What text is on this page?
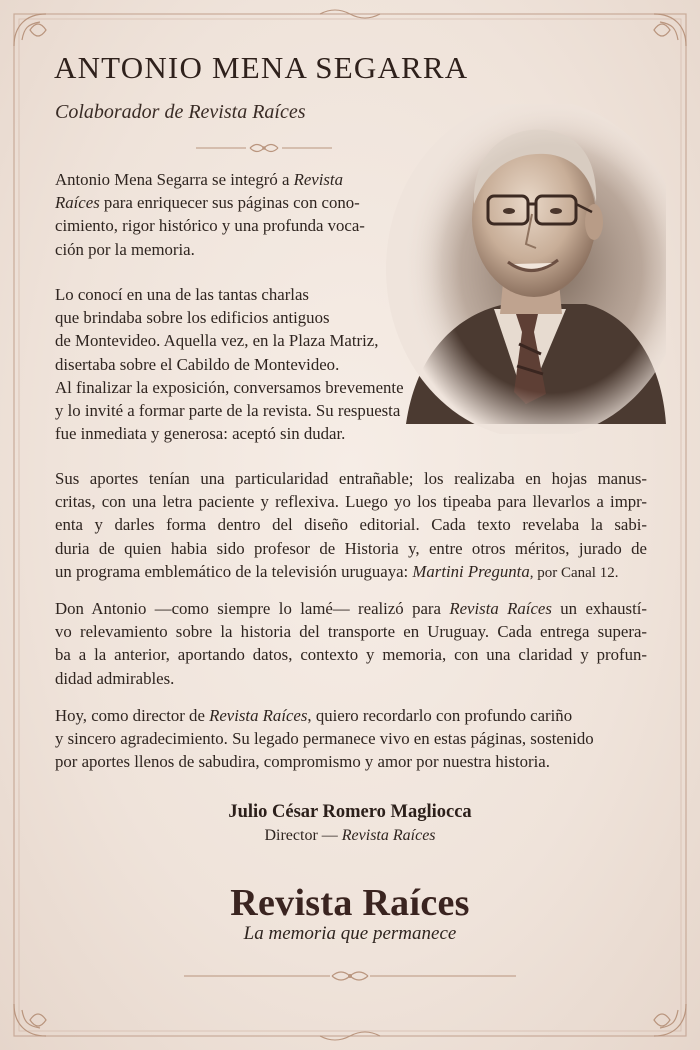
ANTONIO MENA SEGARRA

Colaborador de Revista Raíces

Antonio Mena Segarra se integró a Revista
Raíces para enriquecer sus páginas con cono-
cimiento, rigor histórico y una profunda voca-
ción por la memoria.

Lo conocí en una de las tantas charlas
que brindaba sobre los edificios antiguos
de Montevideo. Aquella vez, en la Plaza Matriz,
disertaba sobre el Cabildo de Montevideo.
Al finalizar la exposición, conversamos brevemente
y lo invité a formar parte de la revista. Su respuesta
fue inmediata y generosa: aceptó sin dudar.

Sus aportes tenían una particularidad entrañable; los realizaba en hojas manus-
critas, con una letra paciente y reflexiva. Luego yo los tipeaba para llevarlos a impr-
enta y darles forma dentro del diseño editorial. Cada texto revelaba la sabi-
duria de quien habia sido profesor de Historia y, entre otros méritos, jurado de
un programa emblemático de la televisión uruguaya: Martini Pregunta, por Canal 12.

Don Antonio —como siempre lo lamé— realizó para Revista Raíces un exhaustí-
vo relevamiento sobre la historia del transporte en Uruguay. Cada entrega supera-
ba a la anterior, aportando datos, contexto y memoria, con una claridad y profun-
didad admirables.

Hoy, como director de Revista Raíces, quiero recordarlo con profundo cariño
y sincero agradecimiento. Su legado permanece vivo en estas páginas, sostenido
por aportes llenos de sabudira, compromismo y amor por nuestra historia.

Julio César Romero Magliocca
Director — Revista Raíces
Revista Raíces
La memoria que permanece
